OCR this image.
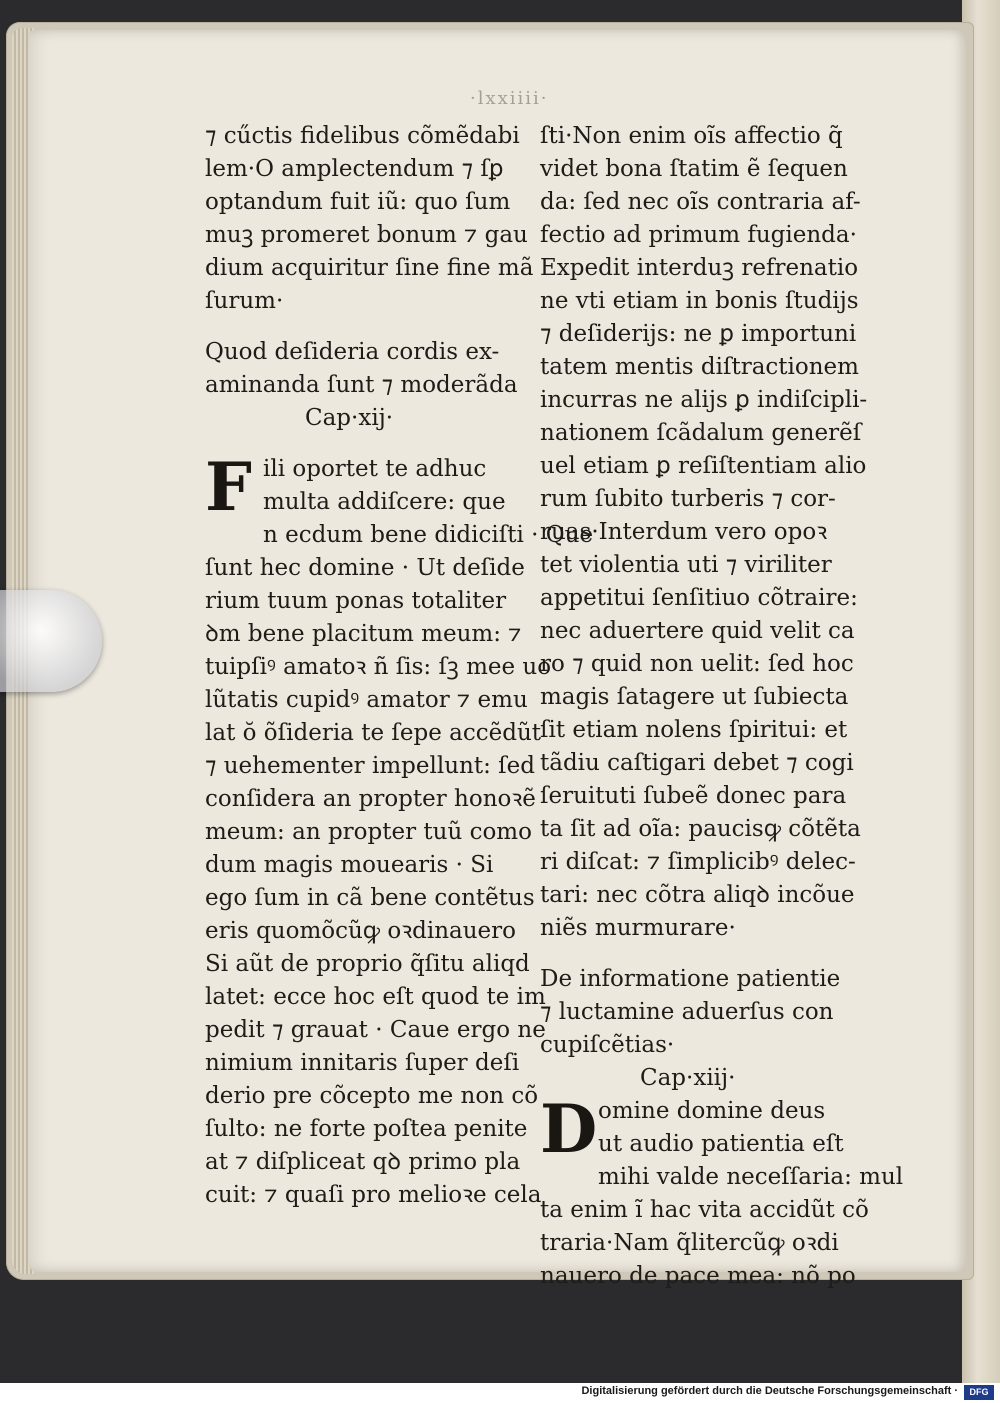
·lxxiiii·
⁊ cűctis fidelibus cõmẽdabi
lem·O amplectendum ⁊ ſꝑ
optandum fuit iũ: quo ſum
muꝫ promeret bonum ⁊ gau
dium acquiritur ſine fine mã
ſurum·
Quod deſideria cordis ex-
aminanda ſunt ⁊ moderãda
Cap·xij·
F ili oportet te adhuc
multa addiſcere: que
n ecdum bene didiciſti · Que
ſunt hec domine · Ut deſide
rium tuum ponas totaliter
ꝺm bene placitum meum: ⁊
tuipſiꝰ amatoꝛ ñ ſis: ſꝫ mee uo
lũtatis cupidꝰ amator ⁊ emu
lat ŏ õſideria te ſepe accẽdũt
⁊ uehementer impellunt: ſed
conſidera an propter honoꝛẽ
meum: an propter tuũ como
dum magis mouearis · Si
ego ſum in cã bene contẽtus
eris quomõcũꝙ oꝛdinauero
Si aũt de proprio q̃ſitu aliqd
latet: ecce hoc eſt quod te im
pedit ⁊ grauat · Caue ergo ne
nimium innitaris ſuper deſi
derio pre cõcepto me non cõ
ſulto: ne forte poſtea penite
at ⁊ diſpliceat qꝺ primo pla
cuit: ⁊ quaſi pro melioꝛe cela
ſti·Non enim oĩs affectio q̃
videt bona ſtatim ẽ ſequen
da: ſed nec oĩs contraria af-
fectio ad primum fugienda·
Expedit interduꝫ refrenatio
ne vti etiam in bonis ſtudijs
⁊ deſiderijs: ne ꝑ importuni
tatem mentis diſtractionem
incurras ne alijs ꝑ indiſcipli-
nationem ſcãdalum generẽſ
uel etiam ꝑ reſiſtentiam alio
rum ſubito turberis ⁊ cor-
ruas·Interdum vero opoꝛ
tet violentia uti ⁊ viriliter
appetitui ſenſitiuo cõtraire:
nec aduertere quid velit ca
ro ⁊ quid non uelit: ſed hoc
magis ſatagere ut ſubiecta
ſit etiam nolens ſpiritui: et
tãdiu caſtigari debet ⁊ cogi
ſeruituti ſubeẽ donec para
ta ſit ad oĩa: paucisꝙ cõtẽta
ri diſcat: ⁊ ſimplicibꝰ delec-
tari: nec cõtra aliqꝺ incõue
niẽs murmurare·
De informatione patientie
⁊ luctamine aduerſus con
cupiſcẽtias·
Cap·xiij·
D omine domine deus
ut audio patientia eſt
mihi valde neceſſaria: mul
ta enim ĩ hac vita accidũt cõ
traria·Nam q̃litercũꝙ oꝛdi
nauero de pace mea: nõ po
Digitalisierung gefördert durch die Deutsche Forschungsgemeinschaft ·	DFG
